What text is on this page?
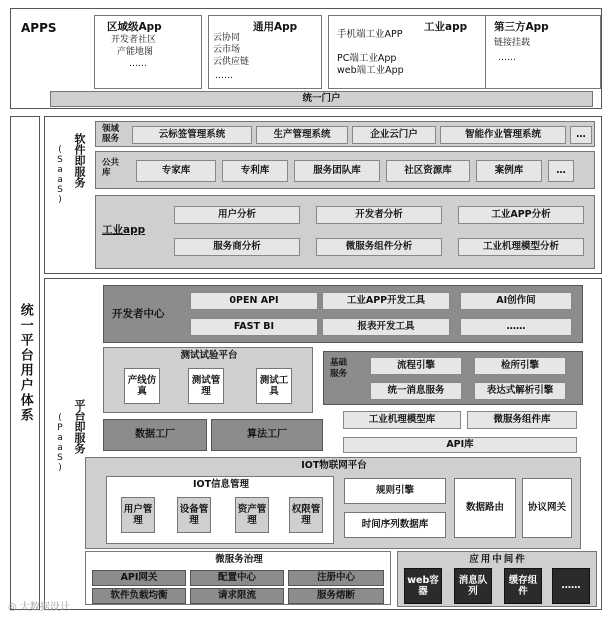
APPS	区域级App
开发者社区
产能地图
……
通用App
云协同
云市场
云供应链
……
工业app
手机端工业APP
PC端工业App
web端工业App
第三方App
链接挂载
……
统一门户
统一平台用户体系
软件即服务
(SaaS)
领域服务	云标签管理系统	生产管理系统	企业云门户	智能作业管理系统	…
公共库	专家库	专利库	服务团队库	社区资源库	案例库	…
工业app
用户分析	开发者分析	工业APP分析
服务商分析	微服务组件分析	工业机理模型分析
平台即服务
(PaaS)
开发者中心
0PEN API	工业APP开发工具	AI创作间
FAST BI	报表开发工具	……
测试试验平台
产线仿真
测试管理
测试工具
基础服务
流程引擎	检所引擎
统一消息服务	表达式解析引擎
数据工厂	算法工厂
工业机理模型库	微服务组件库
API库
IOT物联网平台
IOT信息管理
用户管理
设备管理
资产管理
权限管理
规则引擎
时间序列数据库
数据路由	协议网关
微服务治理
API网关	配置中心	注册中心
软件负载均衡	请求限流	服务熔断
应用中间件
web容器
消息队列
缓存组件
……
◎ 大数据设计
